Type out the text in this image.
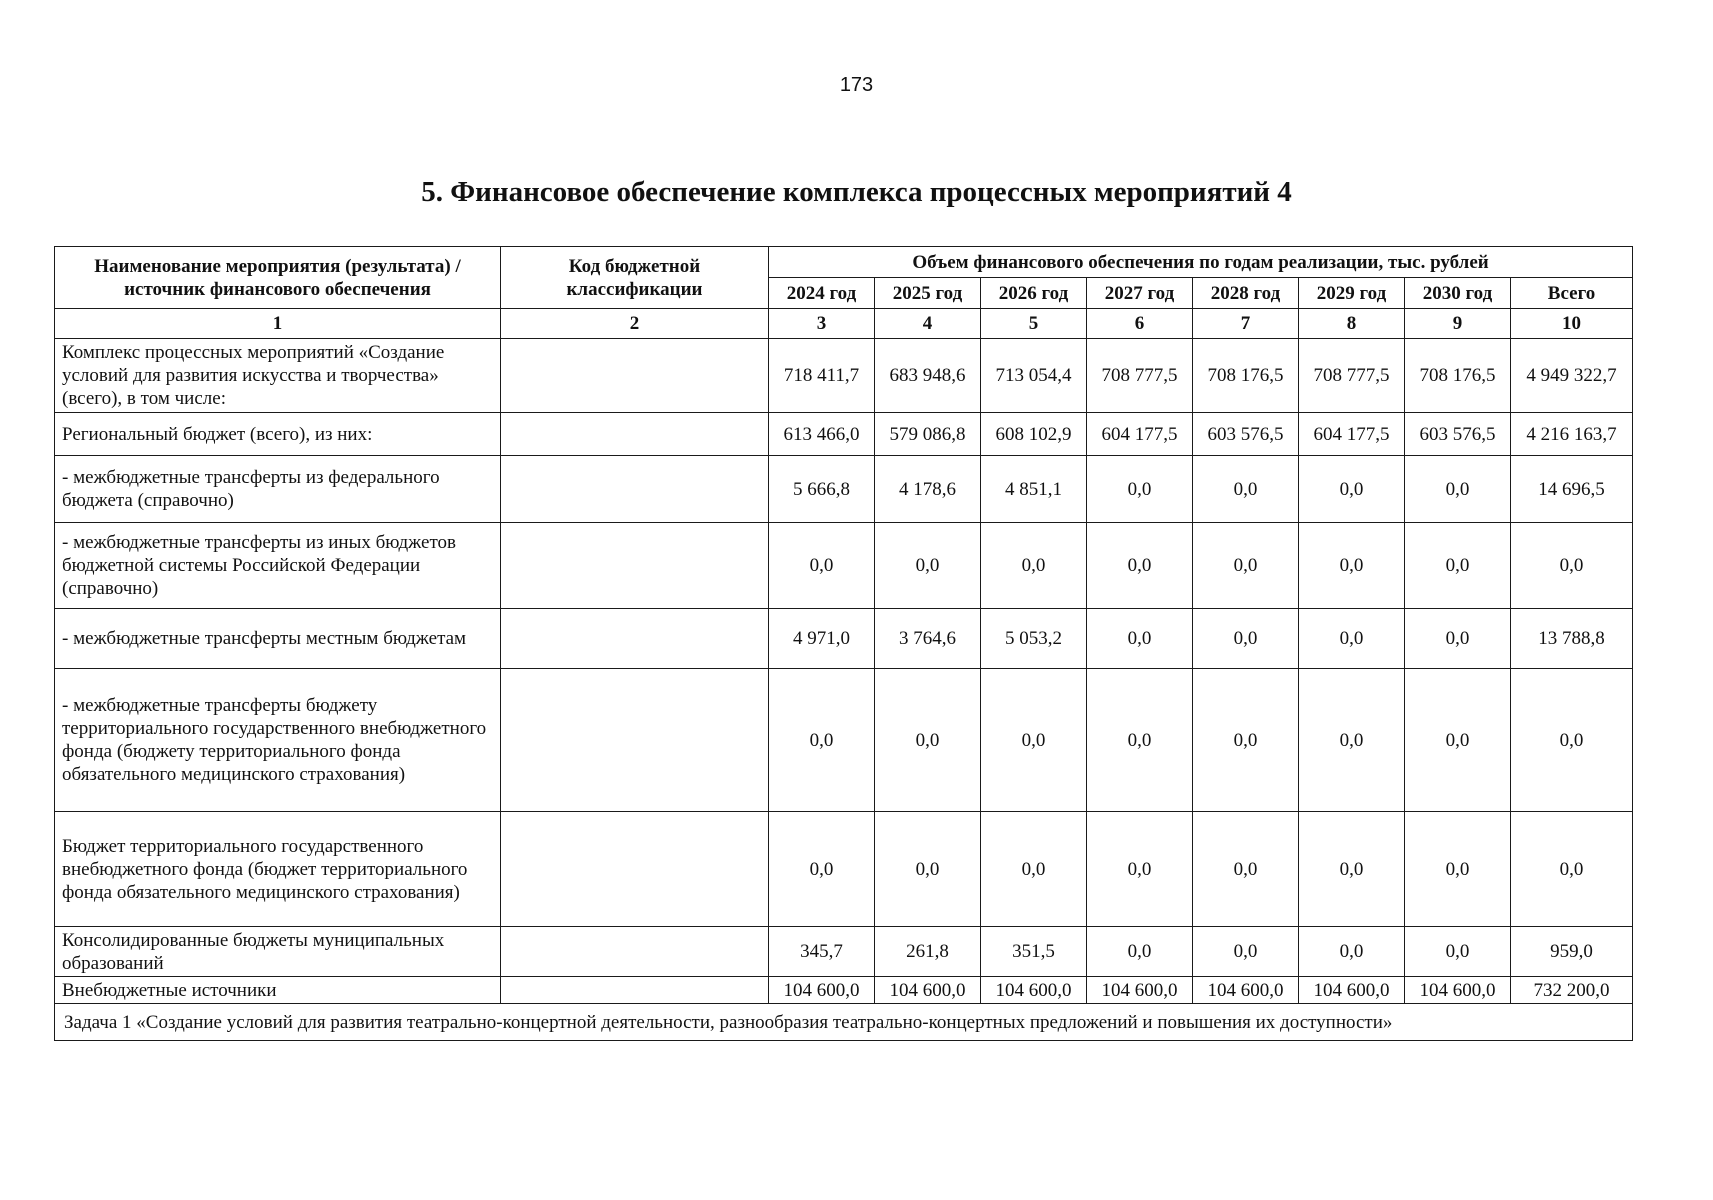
173
5. Финансовое обеспечение комплекса процессных мероприятий 4
Наименование мероприятия (результата) / источник финансового обеспечения	Код бюджетной классификации	Объем финансового обеспечения по годам реализации, тыс. рублей							
		2024 год	2025 год	2026 год	2027 год	2028 год	2029 год	2030 год	Всего
1	2	3	4	5	6	7	8	9	10
Комплекс процессных мероприятий «Создание условий для развития искусства и творчества» (всего), в том числе:		718 411,7	683 948,6	713 054,4	708 777,5	708 176,5	708 777,5	708 176,5	4 949 322,7
Региональный бюджет (всего), из них:		613 466,0	579 086,8	608 102,9	604 177,5	603 576,5	604 177,5	603 576,5	4 216 163,7
- межбюджетные трансферты из федерального бюджета (справочно)		5 666,8	4 178,6	4 851,1	0,0	0,0	0,0	0,0	14 696,5
- межбюджетные трансферты из иных бюджетов бюджетной системы Российской Федерации (справочно)		0,0	0,0	0,0	0,0	0,0	0,0	0,0	0,0
- межбюджетные трансферты местным бюджетам		4 971,0	3 764,6	5 053,2	0,0	0,0	0,0	0,0	13 788,8
- межбюджетные трансферты бюджету территориального государственного внебюджетного фонда (бюджету территориального фонда обязательного медицинского страхования)		0,0	0,0	0,0	0,0	0,0	0,0	0,0	0,0
Бюджет территориального государственного внебюджетного фонда (бюджет территориального фонда обязательного медицинского страхования)		0,0	0,0	0,0	0,0	0,0	0,0	0,0	0,0
Консолидированные бюджеты муниципальных образований		345,7	261,8	351,5	0,0	0,0	0,0	0,0	959,0
Внебюджетные источники		104 600,0	104 600,0	104 600,0	104 600,0	104 600,0	104 600,0	104 600,0	732 200,0
Задача 1 «Создание условий для развития театрально-концертной деятельности, разнообразия театрально-концертных предложений и повышения их доступности»									
